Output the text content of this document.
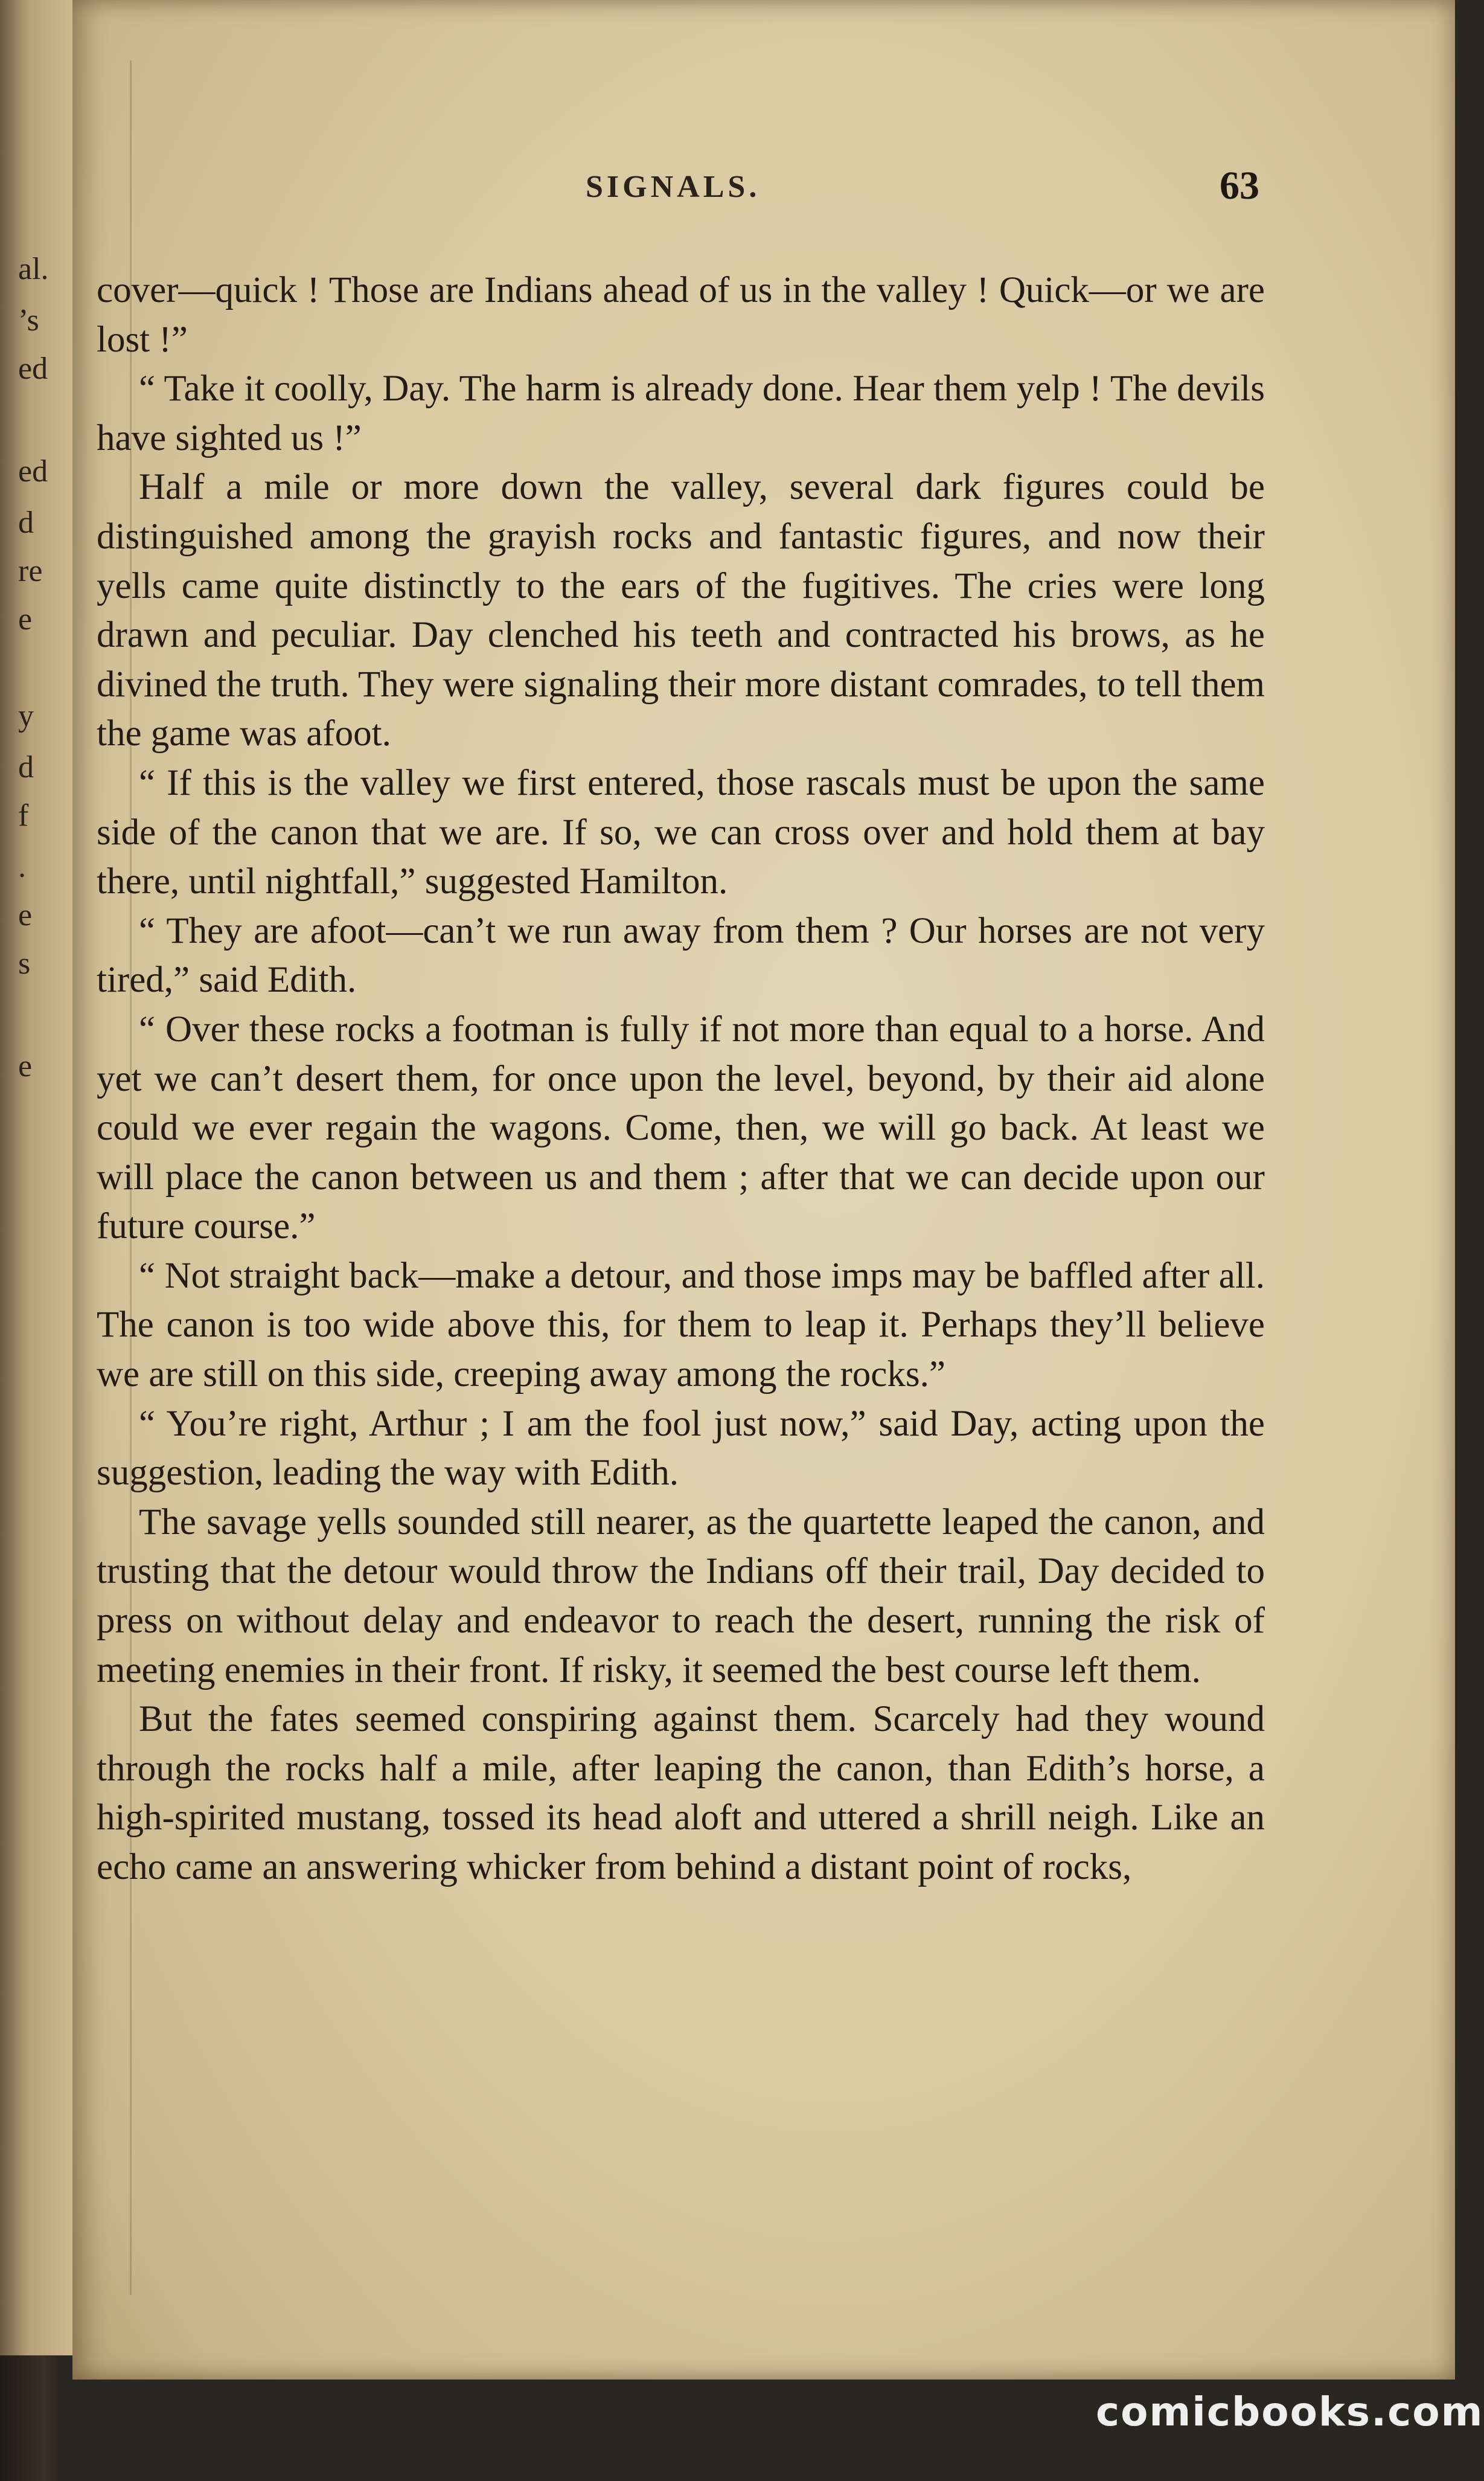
al.
’s
ed
ed
d
re
e
y
d
f
.
e
s
e
SIGNALS.	63

cover—quick ! Those are Indians ahead of us in the valley ! Quick—or we are lost !”

“ Take it coolly, Day. The harm is already done. Hear them yelp ! The devils have sighted us !”

Half a mile or more down the valley, several dark figures could be distinguished among the grayish rocks and fantastic figures, and now their yells came quite distinctly to the ears of the fugitives. The cries were long drawn and peculiar. Day clenched his teeth and contracted his brows, as he divined the truth. They were signaling their more distant comrades, to tell them the game was afoot.

“ If this is the valley we first entered, those rascals must be upon the same side of the canon that we are. If so, we can cross over and hold them at bay there, until nightfall,” suggested Hamilton.

“ They are afoot—can’t we run away from them ? Our horses are not very tired,” said Edith.

“ Over these rocks a footman is fully if not more than equal to a horse. And yet we can’t desert them, for once upon the level, beyond, by their aid alone could we ever regain the wagons. Come, then, we will go back. At least we will place the canon between us and them ; after that we can decide upon our future course.”

“ Not straight back—make a detour, and those imps may be baffled after all. The canon is too wide above this, for them to leap it. Perhaps they’ll believe we are still on this side, creeping away among the rocks.”

“ You’re right, Arthur ; I am the fool just now,” said Day, acting upon the suggestion, leading the way with Edith.

The savage yells sounded still nearer, as the quartette leaped the canon, and trusting that the detour would throw the Indians off their trail, Day decided to press on without delay and endeavor to reach the desert, running the risk of meeting enemies in their front. If risky, it seemed the best course left them.

But the fates seemed conspiring against them. Scarcely had they wound through the rocks half a mile, after leaping the canon, than Edith’s horse, a high-spirited mustang, tossed its head aloft and uttered a shrill neigh. Like an echo came an answering whicker from behind a distant point of rocks,

comicbooks.com
